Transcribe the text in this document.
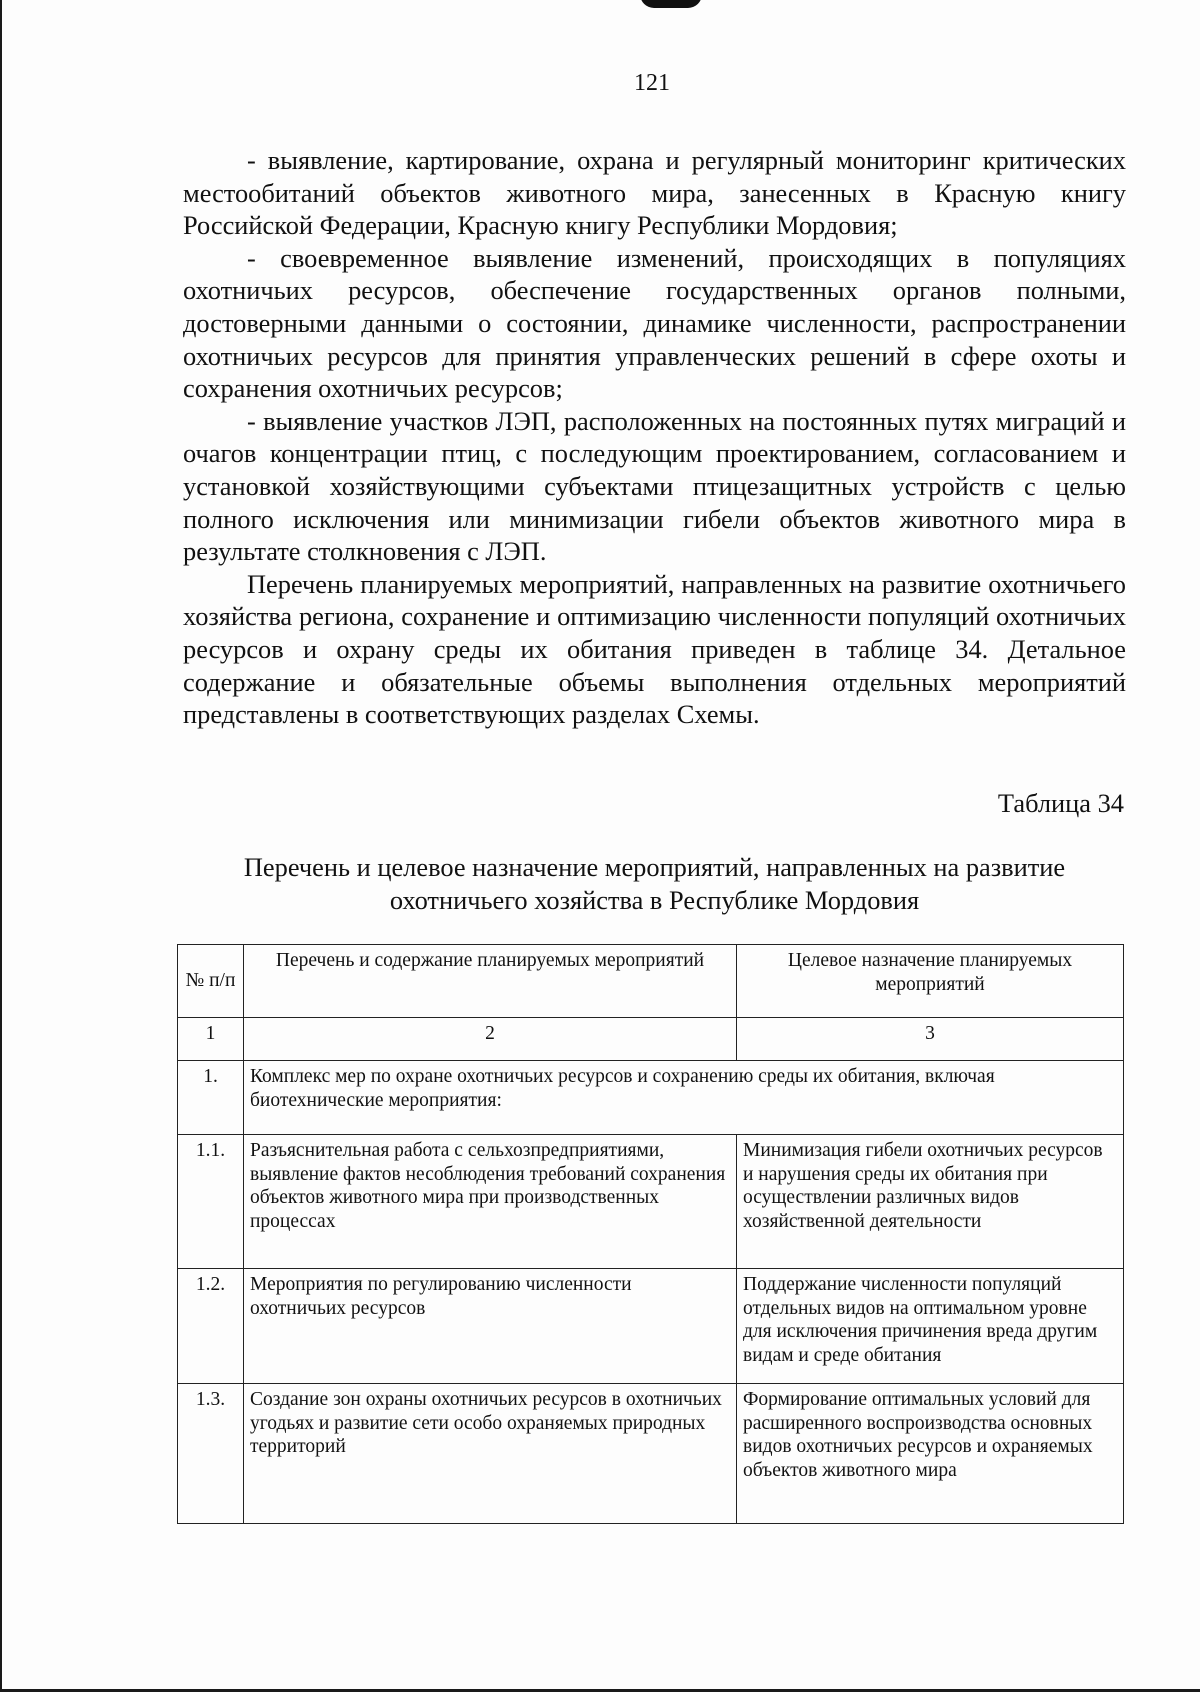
121

- выявление, картирование, охрана и регулярный мониторинг критических местообитаний объектов животного мира, занесенных в Красную книгу Российской Федерации, Красную книгу Республики Мордовия;

- своевременное выявление изменений, происходящих в популяциях охотничьих ресурсов, обеспечение государственных органов полными, достоверными данными о состоянии, динамике численности, распространении охотничьих ресурсов для принятия управленческих решений в сфере охоты и сохранения охотничьих ресурсов;

- выявление участков ЛЭП, расположенных на постоянных путях миграций и очагов концентрации птиц, с последующим проектированием, согласованием и установкой хозяйствующими субъектами птицезащитных устройств с целью полного исключения или минимизации гибели объектов животного мира в результате столкновения с ЛЭП.

Перечень планируемых мероприятий, направленных на развитие охотничьего хозяйства региона, сохранение и оптимизацию численности популяций охотничьих ресурсов и охрану среды их обитания приведен в таблице 34. Детальное содержание и обязательные объемы выполнения отдельных мероприятий представлены в соответствующих разделах Схемы.

Таблица 34
Перечень и целевое назначение мероприятий, направленных на развитие охотничьего хозяйства в Республике Мордовия
№ п/п	Перечень и содержание планируемых мероприятий	Целевое назначение планируемых мероприятий
1	2	3
1.	Комплекс мер по охране охотничьих ресурсов и сохранению среды их обитания, включая биотехнические мероприятия:	
1.1.	Разъяснительная работа с сельхозпредприятиями, выявление фактов несоблюдения требований сохранения объектов животного мира при производственных процессах	Минимизация гибели охотничьих ресурсов и нарушения среды их обитания при осуществлении различных видов хозяйственной деятельности
1.2.	Мероприятия по регулированию численности охотничьих ресурсов	Поддержание численности популяций отдельных видов на оптимальном уровне для исключения причинения вреда другим видам и среде обитания
1.3.	Создание зон охраны охотничьих ресурсов в охотничьих угодьях и развитие сети особо охраняемых природных территорий	Формирование оптимальных условий для расширенного воспроизводства основных видов охотничьих ресурсов и охраняемых объектов животного мира
